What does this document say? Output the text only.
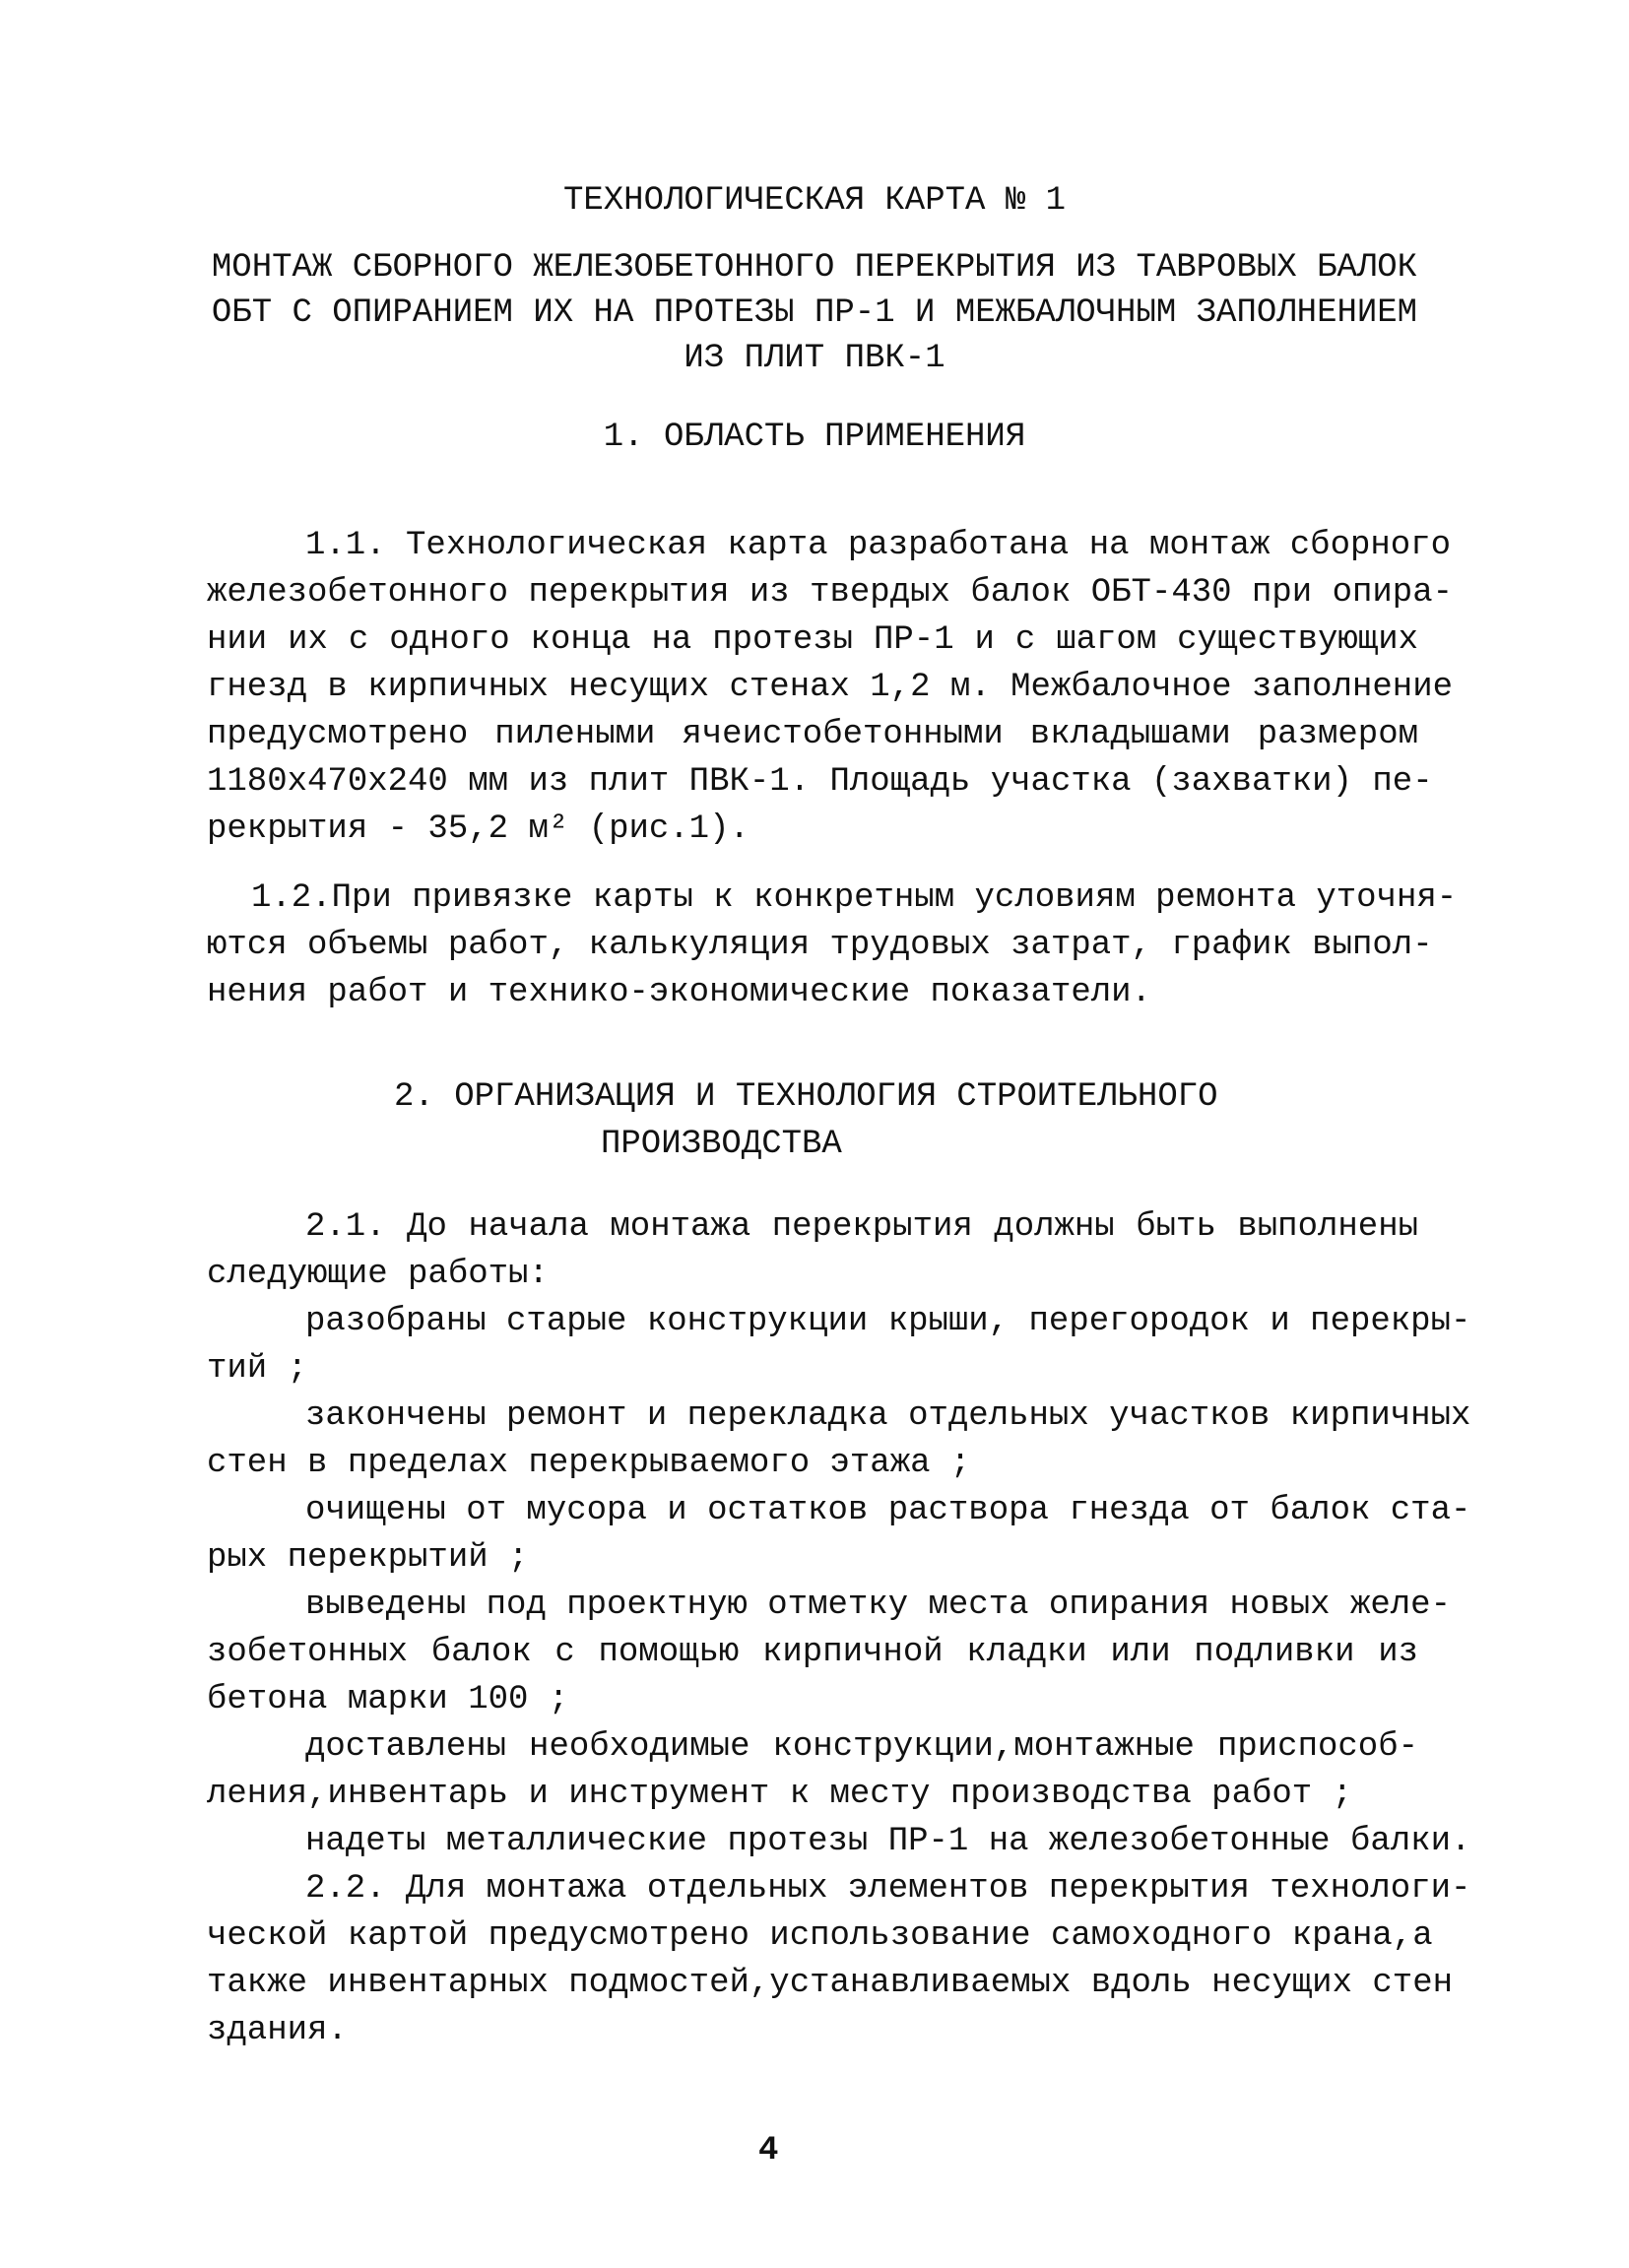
ТЕХНОЛОГИЧЕСКАЯ КАРТА № 1
МОНТАЖ СБОРНОГО ЖЕЛЕЗОБЕТОННОГО ПЕРЕКРЫТИЯ ИЗ ТАВРОВЫХ БАЛОК
ОБТ С ОПИРАНИЕМ ИХ НА ПРОТЕЗЫ ПР-1 И МЕЖБАЛОЧНЫМ ЗАПОЛНЕНИЕМ
ИЗ ПЛИТ ПВК-1
1. ОБЛАСТЬ ПРИМЕНЕНИЯ
1.1. Технологическая карта разработана на монтаж сборного
железобетонного перекрытия из твердых балок ОБТ-430 при опира-
нии их с одного конца на протезы ПР-1 и с шагом существующих
гнезд в кирпичных несущих стенах 1,2 м. Межбалочное заполнение
предусмотрено пилеными ячеистобетонными вкладышами размером
1180x470x240 мм из плит ПВК-1. Площадь участка (захватки) пе-
рекрытия - 35,2 м² (рис.1).
1.2.При привязке карты к конкретным условиям ремонта уточня-
ются объемы работ, калькуляция трудовых затрат, график выпол-
нения работ и технико-экономические показатели.
2. ОРГАНИЗАЦИЯ И ТЕХНОЛОГИЯ СТРОИТЕЛЬНОГО
ПРОИЗВОДСТВА
2.1. До начала монтажа перекрытия должны быть выполнены
следующие работы:
разобраны старые конструкции крыши, перегородок и перекры-
тий ;
закончены ремонт и перекладка отдельных участков кирпичных
стен в пределах перекрываемого этажа ;
очищены от мусора и остатков раствора гнезда от балок ста-
рых перекрытий ;
выведены под проектную отметку места опирания новых желе-
зобетонных балок с помощью кирпичной кладки или подливки из
бетона марки 100 ;
доставлены необходимые конструкции,монтажные приспособ-
ления,инвентарь и инструмент к месту производства работ ;
надеты металлические протезы ПР-1 на железобетонные балки.
2.2. Для монтажа отдельных элементов перекрытия технологи-
ческой картой предусмотрено использование самоходного крана,а
также инвентарных подмостей,устанавливаемых вдоль несущих стен
здания.
4
